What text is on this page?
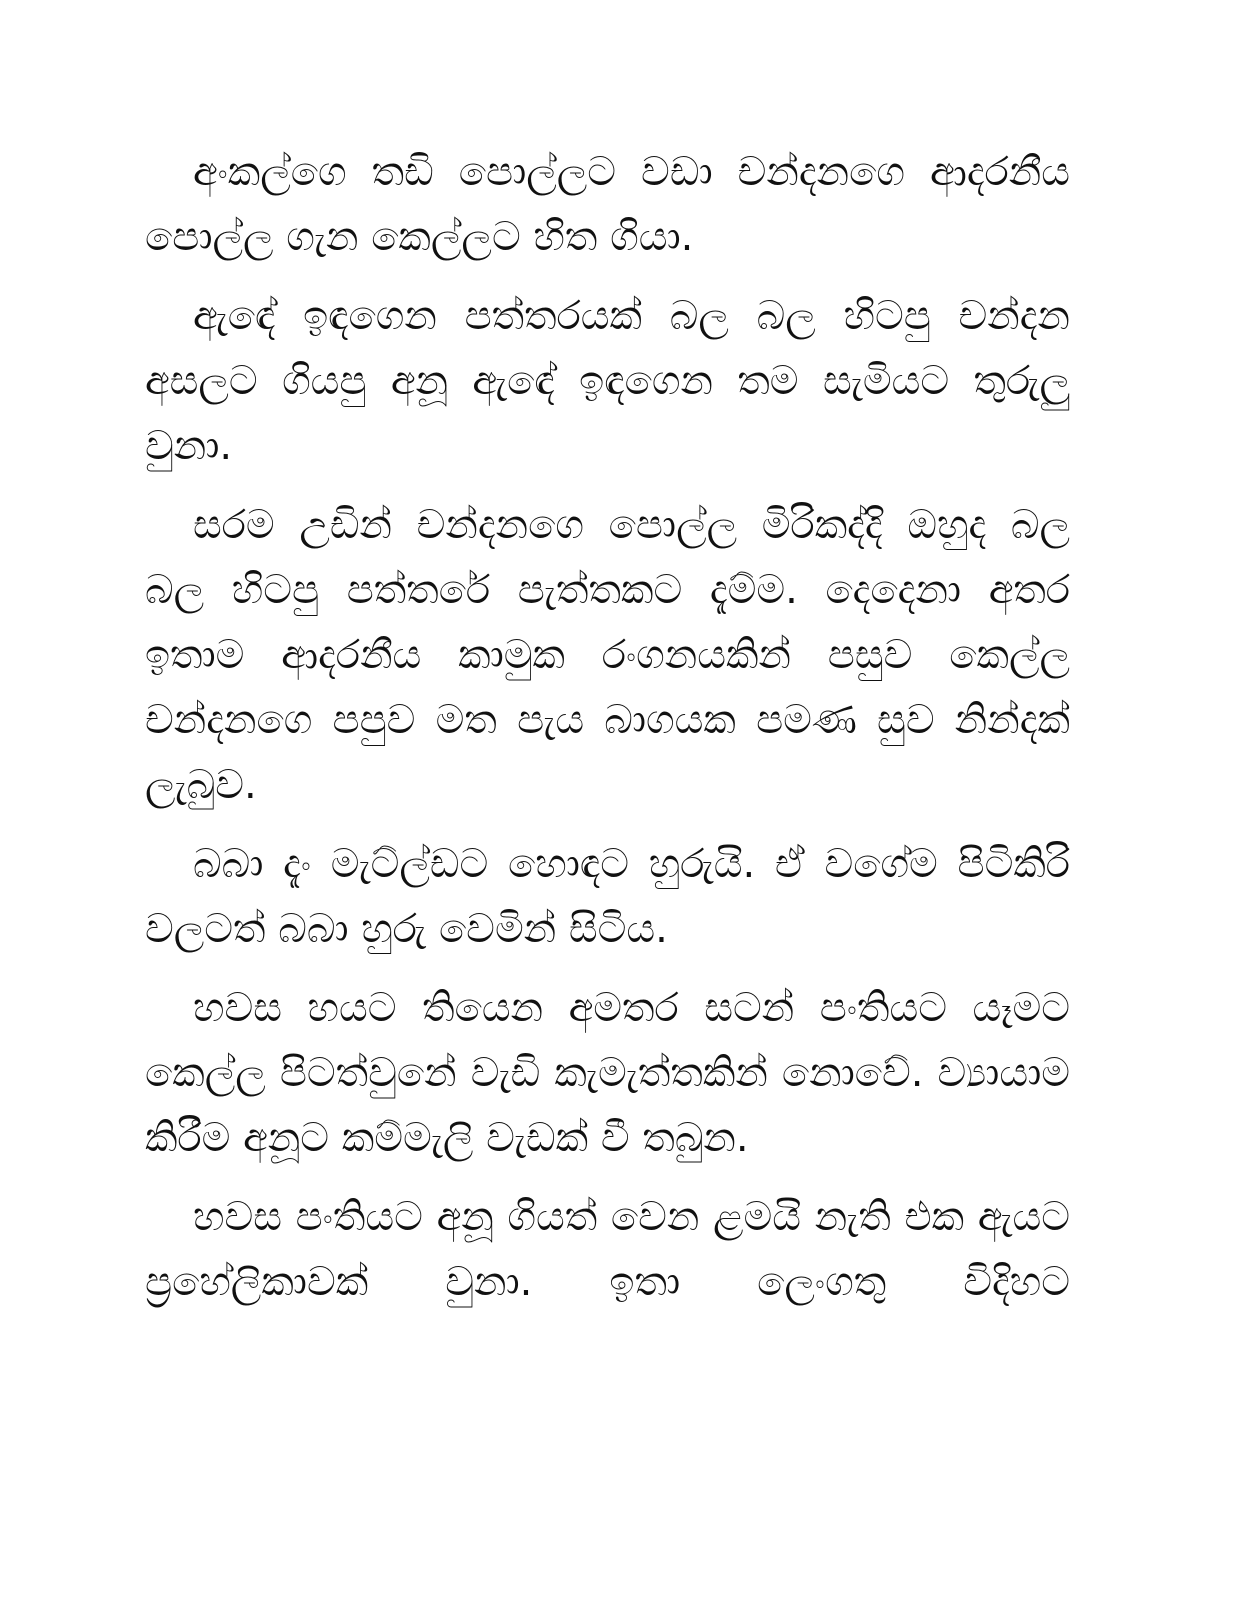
අංකල්ගෙ තඩි පොල්ලට වඩා චන්දනගෙ ආදරනීය පොල්ල ගැන කෙල්ලට හිත ගියා.

ඇඳේ ඉඳගෙන පත්තරයක් බල බල හිටපු චන්දන අසලට ගියපු අනූ ඇඳේ ඉඳගෙන තම සැමියට තුරුලු වුනා.

සරම උඩින් චන්දනගෙ පොල්ල මිරිකද්දි ඔහුද බල බල හිටපු පත්තරේ පැත්තකට දැම්ම. දෙදෙනා අතර ඉතාම ආදරනීය කාමුක රංගනයකින් පසුව කෙල්ල චන්දනගෙ පපුව මත පැය බාගයක පමණ සුව නින්දක් ලැබුව.

බබා දැං මැට්ල්ඩට හොඳට හුරුයි. ඒ වගේම පිටිකිරි වලටත් බබා හුරු වෙමින් සිටිය.

හවස හයට තියෙන අමතර සටන් පංතියට යෑමට කෙල්ල පිටත්වුනේ වැඩි කැමැත්තකින් නොවේ. ව්‍යායාම කිරීම අනූට කම්මැලි වැඩක් වී තබුන.

හවස පංතියට අනූ ගියත් වෙන ළමයි නැති එක ඇයට ප්‍රහේලිකාවක් වුනා. ඉතා ලෙංගතු විදිහට
